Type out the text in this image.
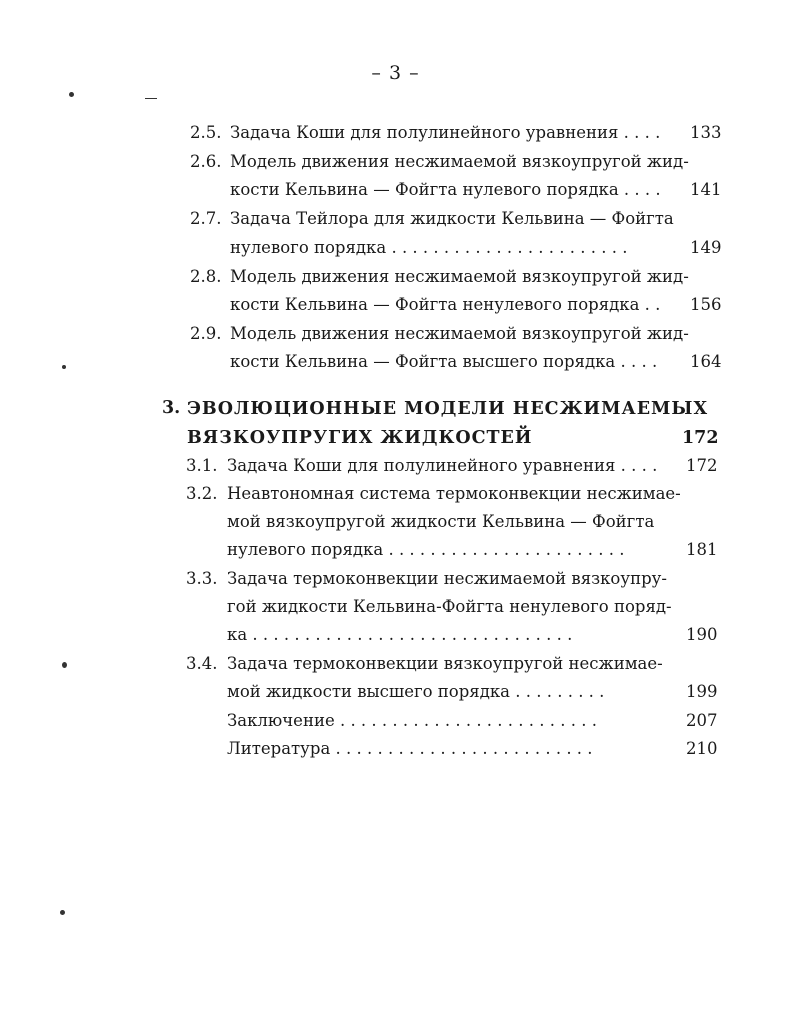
– 3 –
2.5. Задача Коши для полулинейного уравнения . . . . 133
2.6. Модель движения несжимаемой вязкоупругой жид-
кости Кельвина — Фойгта нулевого порядка . . . . 141
2.7. Задача Тейлора для жидкости Кельвина — Фойгта
нулевого порядка . . . . . . . . . . . . . . . . . . . . . . .	149
2.8. Модель движения несжимаемой вязкоупругой жид-
кости Кельвина — Фойгта ненулевого порядка . . 156
2.9. Модель движения несжимаемой вязкоупругой жид-
кости Кельвина — Фойгта высшего порядка . . . . 164
3. ЭВОЛЮЦИОННЫЕ МОДЕЛИ НЕСЖИМАЕМЫХ
ВЯЗКОУПРУГИХ ЖИДКОСТЕЙ	172
3.1. Задача Коши для полулинейного уравнения . . . . 172
3.2. Неавтономная система термоконвекции несжимае-
мой вязкоупругой жидкости Кельвина — Фойгта
нулевого порядка . . . . . . . . . . . . . . . . . . . . . . .	181
3.3. Задача термоконвекции несжимаемой вязкоупру-
гой жидкости Кельвина-Фойгта ненулевого поряд-
ка . . . . . . . . . . . . . . . . . . . . . . . . . . . . . . .	190
3.4. Задача термоконвекции вязкоупругой несжимае-
мой жидкости высшего порядка . . . . . . . . .	199
Заключение . . . . . . . . . . . . . . . . . . . . . . . . .	207
Литература . . . . . . . . . . . . . . . . . . . . . . . . .	210
